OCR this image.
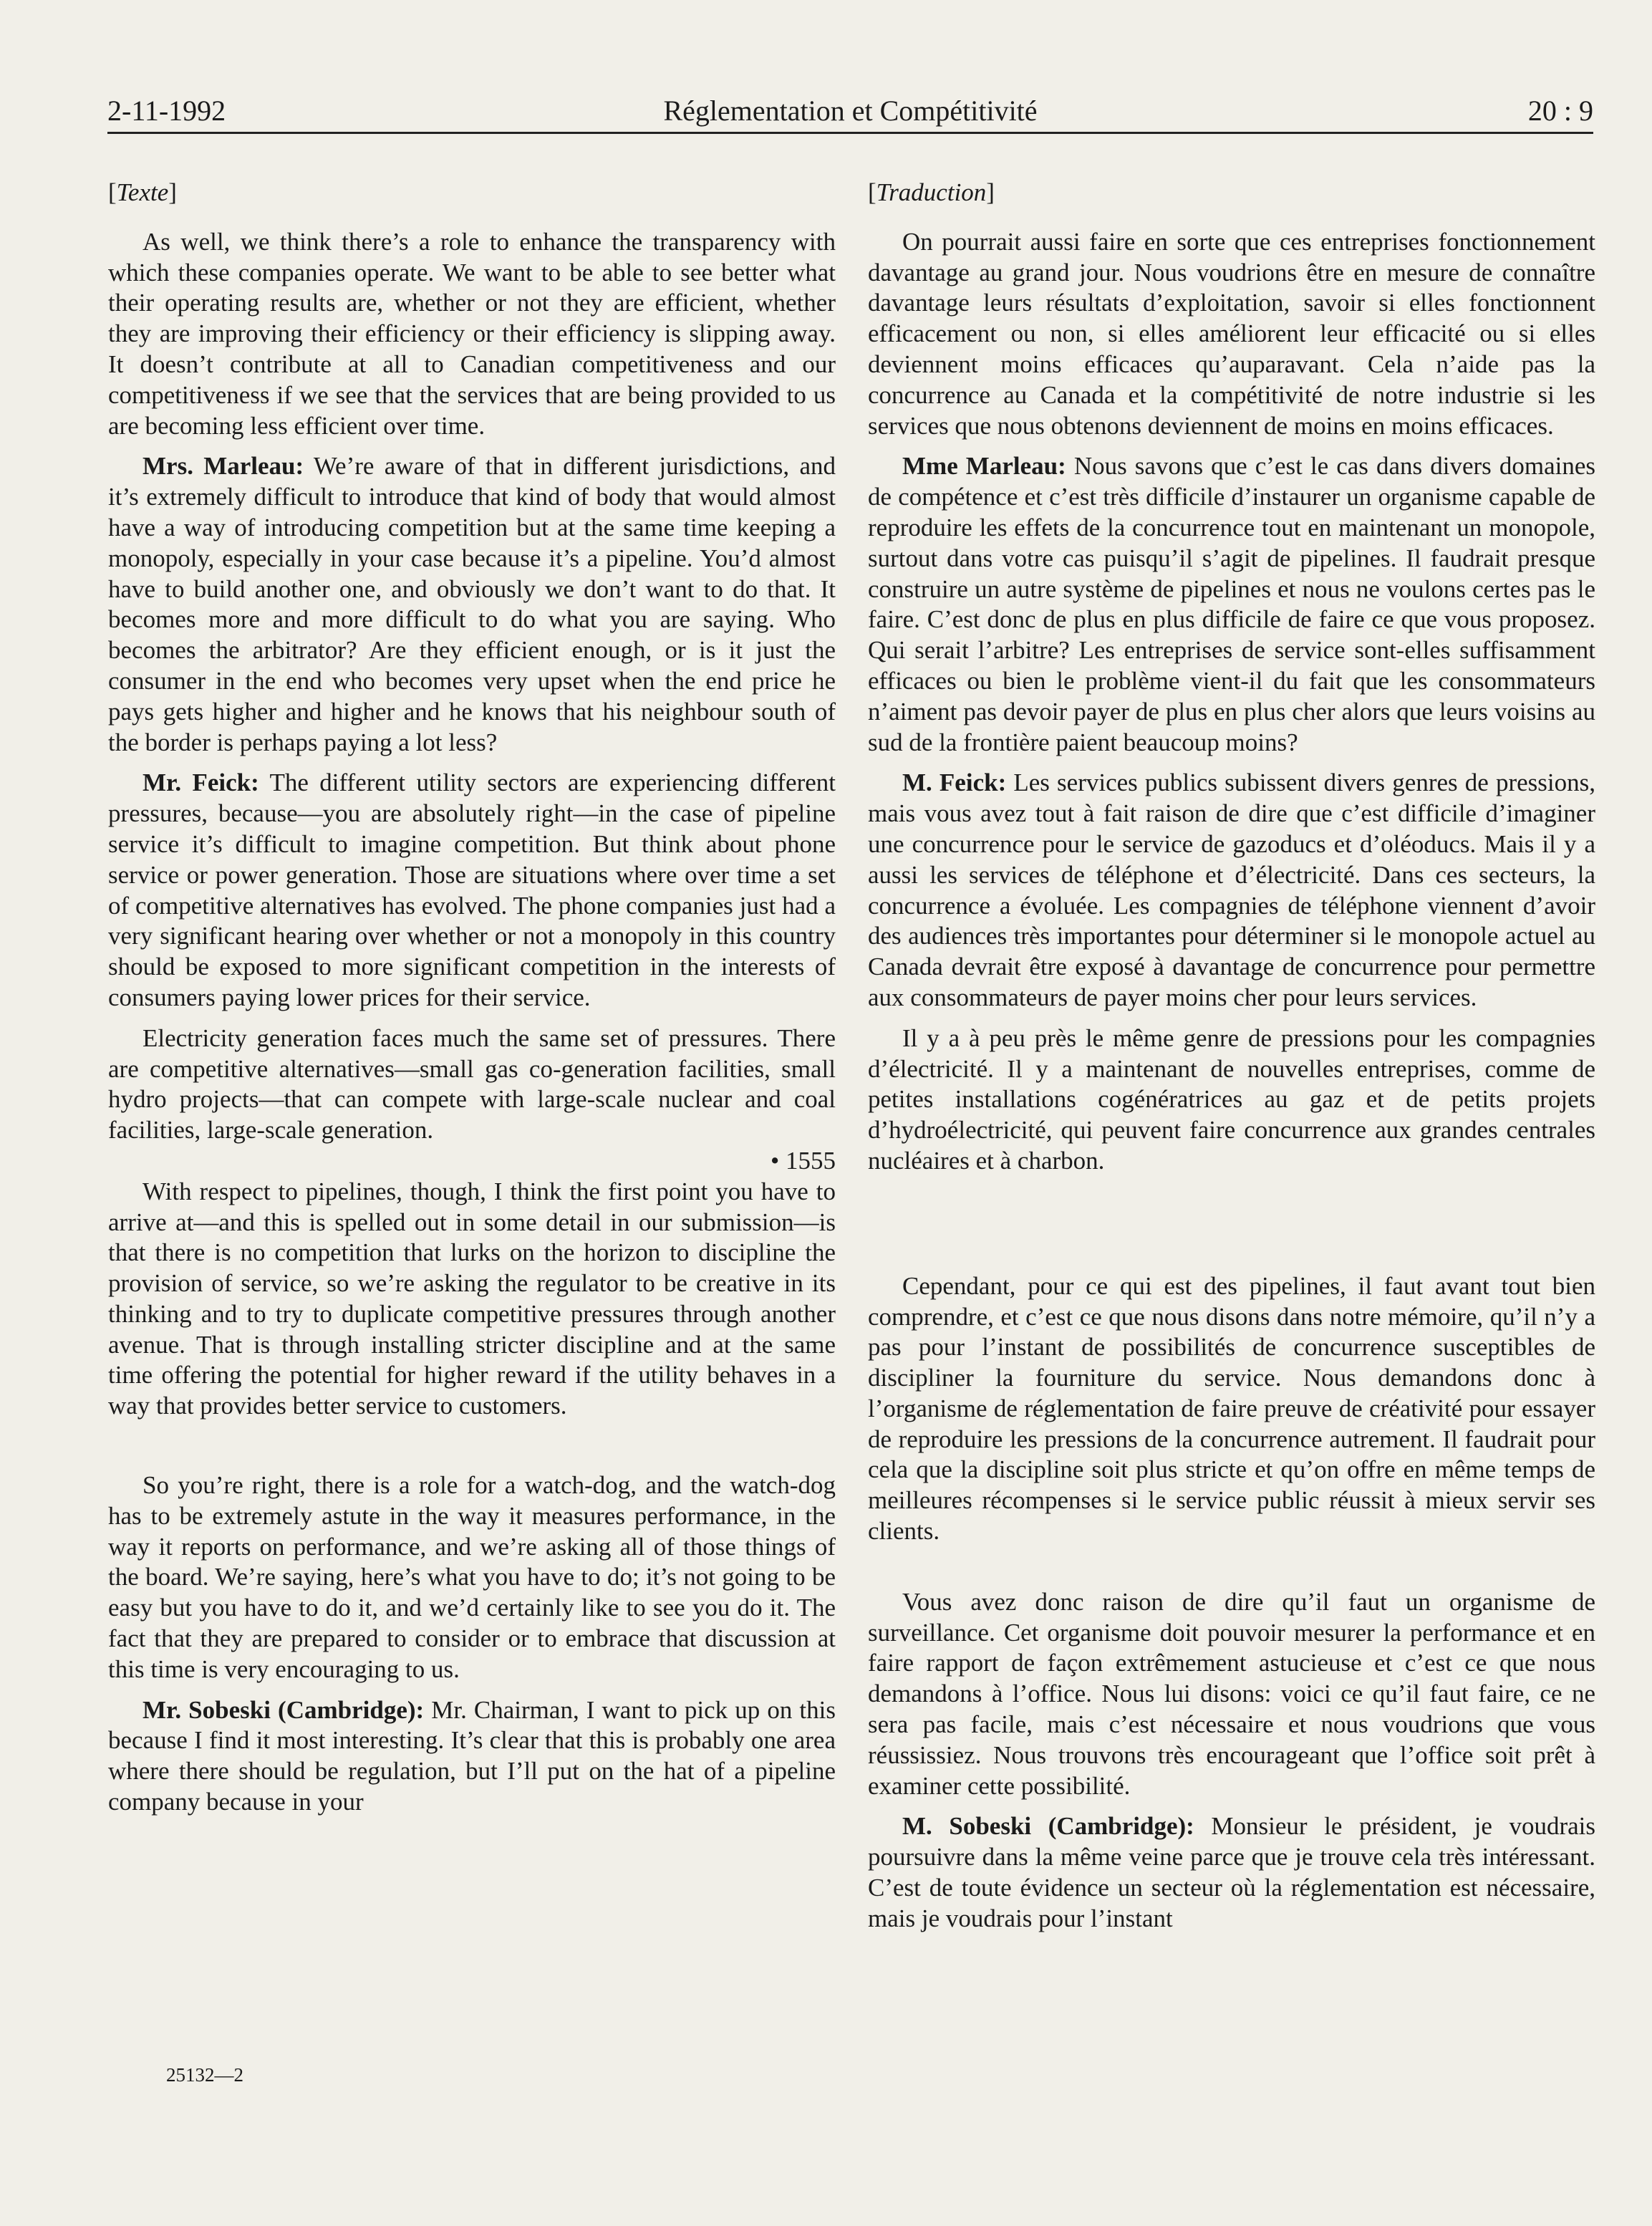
2-11-1992	Réglementation et Compétitivité	20 : 9

[Texte]

As well, we think there’s a role to enhance the transparency with which these companies operate. We want to be able to see better what their operating results are, whether or not they are efficient, whether they are improving their efficiency or their efficiency is slipping away. It doesn’t contribute at all to Canadian competitiveness and our competitiveness if we see that the services that are being provided to us are becoming less efficient over time.

Mrs. Marleau: We’re aware of that in different jurisdictions, and it’s extremely difficult to introduce that kind of body that would almost have a way of introducing competition but at the same time keeping a monopoly, especially in your case because it’s a pipeline. You’d almost have to build another one, and obviously we don’t want to do that. It becomes more and more difficult to do what you are saying. Who becomes the arbitrator? Are they efficient enough, or is it just the consumer in the end who becomes very upset when the end price he pays gets higher and higher and he knows that his neighbour south of the border is perhaps paying a lot less?

Mr. Feick: The different utility sectors are experiencing different pressures, because—you are absolutely right—in the case of pipeline service it’s difficult to imagine competition. But think about phone service or power generation. Those are situations where over time a set of competitive alternatives has evolved. The phone companies just had a very significant hearing over whether or not a monopoly in this country should be exposed to more significant competition in the interests of consumers paying lower prices for their service.

Electricity generation faces much the same set of pressures. There are competitive alternatives—small gas co-generation facilities, small hydro projects—that can compete with large-scale nuclear and coal facilities, large-scale generation.

• 1555

With respect to pipelines, though, I think the first point you have to arrive at—and this is spelled out in some detail in our submission—is that there is no competition that lurks on the horizon to discipline the provision of service, so we’re asking the regulator to be creative in its thinking and to try to duplicate competitive pressures through another avenue. That is through installing stricter discipline and at the same time offering the potential for higher reward if the utility behaves in a way that provides better service to customers.

So you’re right, there is a role for a watch-dog, and the watch-dog has to be extremely astute in the way it measures performance, in the way it reports on performance, and we’re asking all of those things of the board. We’re saying, here’s what you have to do; it’s not going to be easy but you have to do it, and we’d certainly like to see you do it. The fact that they are prepared to consider or to embrace that discussion at this time is very encouraging to us.

Mr. Sobeski (Cambridge): Mr. Chairman, I want to pick up on this because I find it most interesting. It’s clear that this is probably one area where there should be regulation, but I’ll put on the hat of a pipeline company because in your

[Traduction]

On pourrait aussi faire en sorte que ces entreprises fonctionnement davantage au grand jour. Nous voudrions être en mesure de connaître davantage leurs résultats d’exploitation, savoir si elles fonctionnent efficacement ou non, si elles améliorent leur efficacité ou si elles deviennent moins efficaces qu’auparavant. Cela n’aide pas la concurrence au Canada et la compétitivité de notre industrie si les services que nous obtenons deviennent de moins en moins efficaces.

Mme Marleau: Nous savons que c’est le cas dans divers domaines de compétence et c’est très difficile d’instaurer un organisme capable de reproduire les effets de la concurrence tout en maintenant un monopole, surtout dans votre cas puisqu’il s’agit de pipelines. Il faudrait presque construire un autre système de pipelines et nous ne voulons certes pas le faire. C’est donc de plus en plus difficile de faire ce que vous proposez. Qui serait l’arbitre? Les entreprises de service sont-elles suffisamment efficaces ou bien le problème vient-il du fait que les consommateurs n’aiment pas devoir payer de plus en plus cher alors que leurs voisins au sud de la frontière paient beaucoup moins?

M. Feick: Les services publics subissent divers genres de pressions, mais vous avez tout à fait raison de dire que c’est difficile d’imaginer une concurrence pour le service de gazoducs et d’oléoducs. Mais il y a aussi les services de téléphone et d’électricité. Dans ces secteurs, la concurrence a évoluée. Les compagnies de téléphone viennent d’avoir des audiences très importantes pour déterminer si le monopole actuel au Canada devrait être exposé à davantage de concurrence pour permettre aux consommateurs de payer moins cher pour leurs services.

Il y a à peu près le même genre de pressions pour les compagnies d’électricité. Il y a maintenant de nouvelles entreprises, comme de petites installations cogénératrices au gaz et de petits projets d’hydroélectricité, qui peuvent faire concurrence aux grandes centrales nucléaires et à charbon.

Cependant, pour ce qui est des pipelines, il faut avant tout bien comprendre, et c’est ce que nous disons dans notre mémoire, qu’il n’y a pas pour l’instant de possibilités de concurrence susceptibles de discipliner la fourniture du service. Nous demandons donc à l’organisme de réglementation de faire preuve de créativité pour essayer de reproduire les pressions de la concurrence autrement. Il faudrait pour cela que la discipline soit plus stricte et qu’on offre en même temps de meilleures récompenses si le service public réussit à mieux servir ses clients.

Vous avez donc raison de dire qu’il faut un organisme de surveillance. Cet organisme doit pouvoir mesurer la performance et en faire rapport de façon extrêmement astucieuse et c’est ce que nous demandons à l’office. Nous lui disons: voici ce qu’il faut faire, ce ne sera pas facile, mais c’est nécessaire et nous voudrions que vous réussissiez. Nous trouvons très encourageant que l’office soit prêt à examiner cette possibilité.

M. Sobeski (Cambridge): Monsieur le président, je voudrais poursuivre dans la même veine parce que je trouve cela très intéressant. C’est de toute évidence un secteur où la réglementation est nécessaire, mais je voudrais pour l’instant

25132—2
